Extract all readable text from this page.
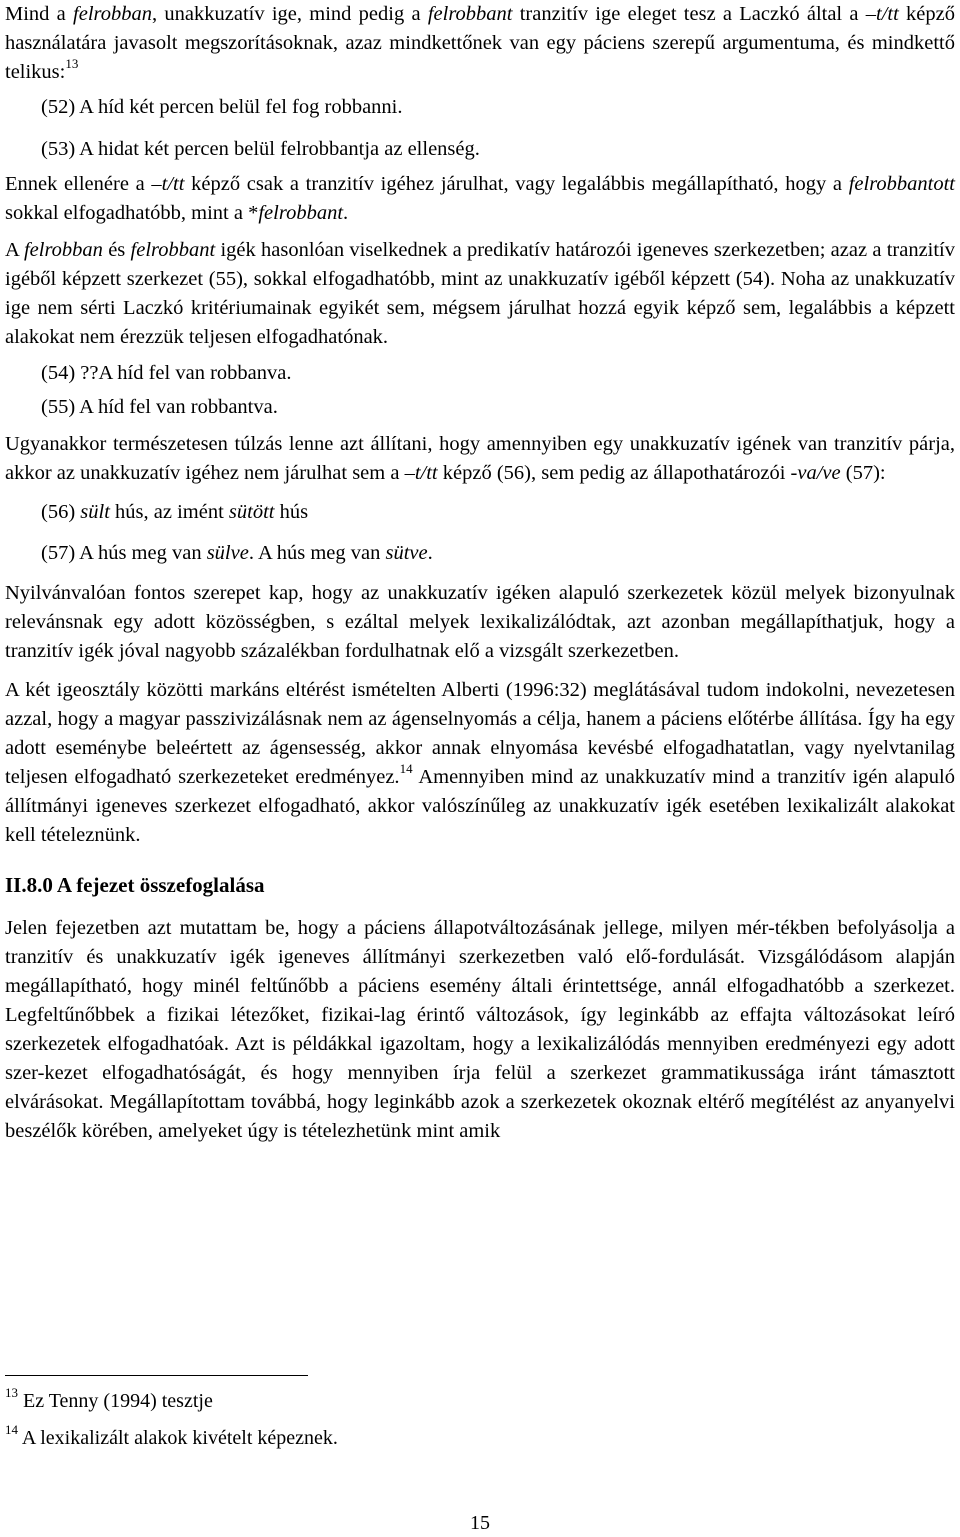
Mind a felrobban, unakkuzatív ige, mind pedig a felrobbant tranzitív ige eleget tesz a Laczkó által a –t/tt képző használatára javasolt megszorításoknak, azaz mindkettőnek van egy páciens szerepű argumentuma, és mindkettő telikus:$^{13}$

(52) A híd két percen belül fel fog robbanni.

(53) A hidat két percen belül felrobbantja az ellenség.

Ennek ellenére a –t/tt képző csak a tranzitív igéhez járulhat, vagy legalábbis megállapítható, hogy a felrobbantott sokkal elfogadhatóbb, mint a *felrobbant.

A felrobban és felrobbant igék hasonlóan viselkednek a predikatív határozói igeneves szerkezetben; azaz a tranzitív igéből képzett szerkezet (55), sokkal elfogadhatóbb, mint az unakkuzatív igéből képzett (54). Noha az unakkuzatív ige nem sérti Laczkó kritériumainak egyikét sem, mégsem járulhat hozzá egyik képző sem, legalábbis a képzett alakokat nem érezzük teljesen elfogadhatónak.

(54) ??A híd fel van robbanva.

(55) A híd fel van robbantva.

Ugyanakkor természetesen túlzás lenne azt állítani, hogy amennyiben egy unakkuzatív igének van tranzitív párja, akkor az unakkuzatív igéhez nem járulhat sem a –t/tt képző (56), sem pedig az állapothatározói -va/ve (57):

(56) sült hús, az imént sütött hús

(57) A hús meg van sülve. A hús meg van sütve.

Nyilvánvalóan fontos szerepet kap, hogy az unakkuzatív igéken alapuló szerkezetek közül melyek bizonyulnak relevánsnak egy adott közösségben, s ezáltal melyek lexikalizálódtak, azt azonban megállapíthatjuk, hogy a tranzitív igék jóval nagyobb százalékban fordulhatnak elő a vizsgált szerkezetben.

A két igeosztály közötti markáns eltérést ismételten Alberti (1996:32) meglátásával tudom indokolni, nevezetesen azzal, hogy a magyar passzivizálásnak nem az ágenselnyomás a célja, hanem a páciens előtérbe állítása. Így ha egy adott eseménybe beleértett az ágensesség, akkor annak elnyomása kevésbé elfogadhatatlan, vagy nyelvtanilag teljesen elfogadható szerkezeteket eredményez.$^{14}$ Amennyiben mind az unakkuzatív mind a tranzitív igén alapuló állítmányi igeneves szerkezet elfogadható, akkor valószínűleg az unakkuzatív igék esetében lexikalizált alakokat kell tételeznünk.

II.8.0 A fejezet összefoglalása

Jelen fejezetben azt mutattam be, hogy a páciens állapotváltozásának jellege, milyen mér-tékben befolyásolja a tranzitív és unakkuzatív igék igeneves állítmányi szerkezetben való elő-fordulását. Vizsgálódásom alapján megállapítható, hogy minél feltűnőbb a páciens esemény általi érintettsége, annál elfogadhatóbb a szerkezet. Legfeltűnőbbek a fizikai létezőket, fizikai-lag érintő változások, így leginkább az effajta változásokat leíró szerkezetek elfogadhatóak. Azt is példákkal igazoltam, hogy a lexikalizálódás mennyiben eredményezi egy adott szer-kezet elfogadhatóságát, és hogy mennyiben írja felül a szerkezet grammatikussága iránt támasztott elvárásokat. Megállapítottam továbbá, hogy leginkább azok a szerkezetek okoznak eltérő megítélést az anyanyelvi beszélők körében, amelyeket úgy is tételezhetünk mint amik

$^{13}$ Ez Tenny (1994) tesztje
$^{14}$ A lexikalizált alakok kivételt képeznek.
15
